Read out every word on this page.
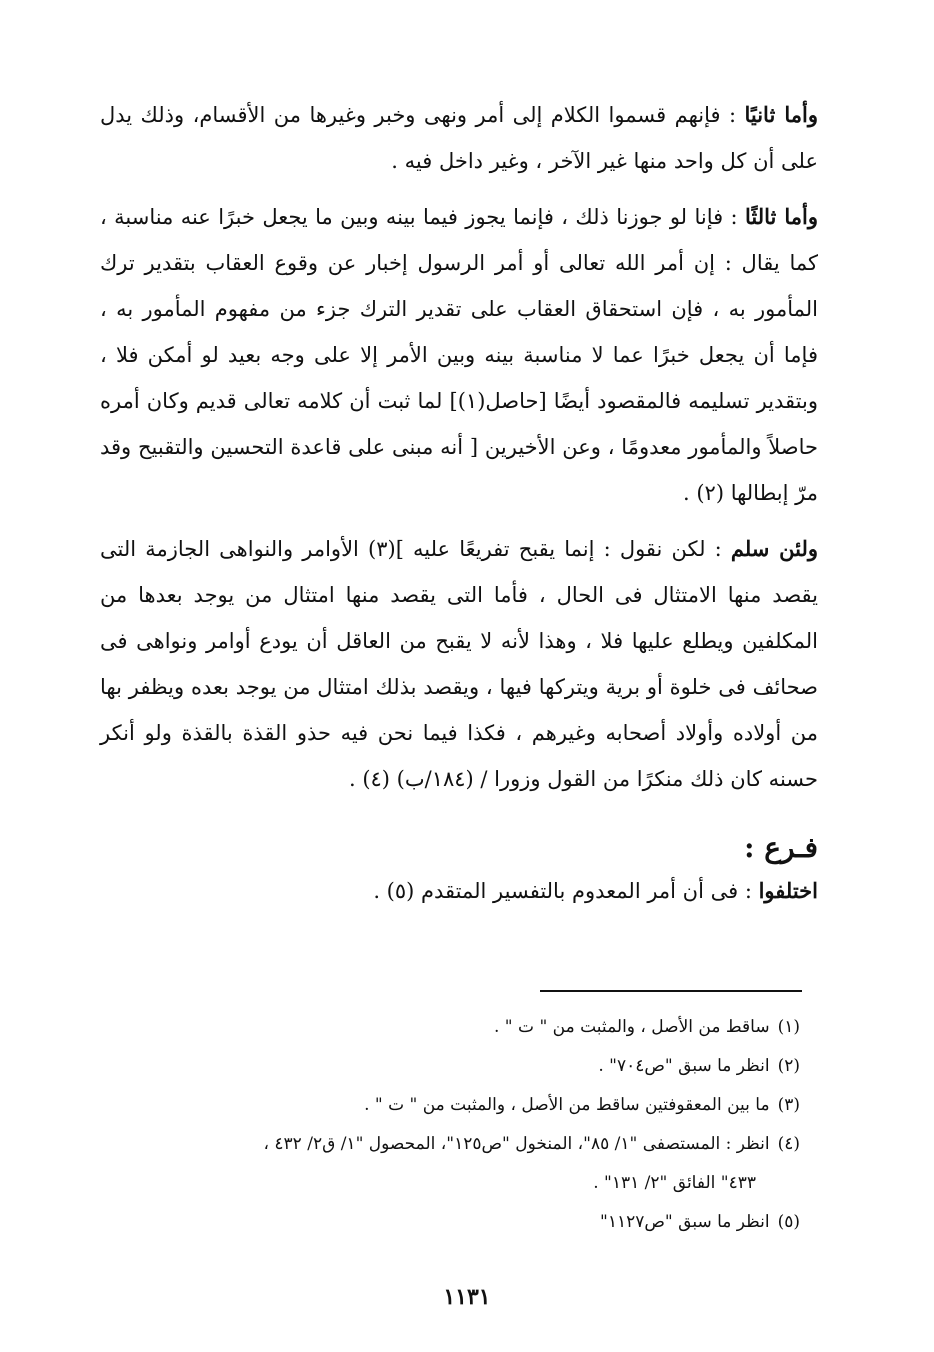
وأما ثانيًا : فإنهم قسموا الكلام إلى أمر ونهى وخبر وغيرها من الأقسام، وذلك يدل على أن كل واحد منها غير الآخر ، وغير داخل فيه .

وأما ثالثًا : فإنا لو جوزنا ذلك ، فإنما يجوز فيما بينه وبين ما يجعل خبرًا عنه مناسبة ، كما يقال : إن أمر الله تعالى أو أمر الرسول إخبار عن وقوع العقاب بتقدير ترك المأمور به ، فإن استحقاق العقاب على تقدير الترك جزء من مفهوم المأمور به ، فإما أن يجعل خبرًا عما لا مناسبة بينه وبين الأمر إلا على وجه بعيد لو أمكن فلا ، وبتقدير تسليمه فالمقصود أيضًا [حاصل(١)] لما ثبت أن كلامه تعالى قديم وكان أمره حاصلاً والمأمور معدومًا ، وعن الأخيرين [ أنه مبنى على قاعدة التحسين والتقبيح وقد مرّ إبطالها (٢) .

ولئن سلم : لكن نقول : إنما يقبح تفريعًا عليه ](٣) الأوامر والنواهى الجازمة التى يقصد منها الامتثال فى الحال ، فأما التى يقصد منها امتثال من يوجد بعدها من المكلفين ويطلع عليها فلا ، وهذا لأنه لا يقبح من العاقل أن يودع أوامر ونواهى فى صحائف فى خلوة أو برية ويتركها فيها ، ويقصد بذلك امتثال من يوجد بعده ويظفر بها من أولاده وأولاد أصحابه وغيرهم ، فكذا فيما نحن فيه حذو القذة بالقذة ولو أنكر حسنه كان ذلك منكرًا من القول وزورا / (١٨٤/ب) (٤) .

فـرع :

اختلفوا : فى أن أمر المعدوم بالتفسير المتقدم (٥) .

(١)ساقط من الأصل ، والمثبت من " ت " .

(٢)انظر ما سبق "ص٧٠٤" .

(٣)ما بين المعقوفتين ساقط من الأصل ، والمثبت من " ت " .

(٤)انظر : المستصفى "١/ ٨٥"، المنخول "ص١٢٥"، المحصول "١/ ق٢/ ٤٣٢ ،
٤٣٣" الفائق "٢/ ١٣١" .

(٥)انظر ما سبق "ص١١٢٧"

١١٣١
